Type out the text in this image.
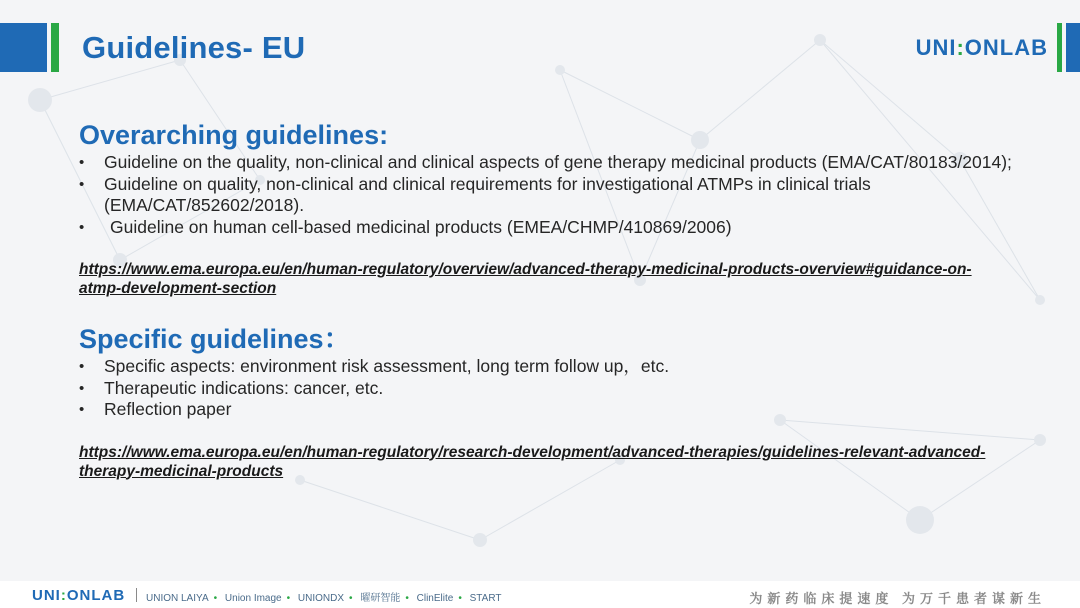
Guidelines- EU	UNI:ONLAB
Overarching guidelines:
• Guideline on the quality, non-clinical and clinical aspects of gene therapy medicinal products (EMA/CAT/80183/2014);
• Guideline on quality, non-clinical and clinical requirements for investigational ATMPs in clinical trials (EMA/CAT/852602/2018).
• Guideline on human cell-based medicinal products (EMEA/CHMP/410869/2006)
https://www.ema.europa.eu/en/human-regulatory/overview/advanced-therapy-medicinal-products-overview#guidance-on-atmp-development-section
Specific guidelines：
• Specific aspects: environment risk assessment, long term follow up，etc.
• Therapeutic indications: cancer, etc.
• Reflection paper
https://www.ema.europa.eu/en/human-regulatory/research-development/advanced-therapies/guidelines-relevant-advanced-therapy-medicinal-products
UNI:ONLAB UNION LAIYA • Union Image • UNIONDX • 曜研智能 • ClinElite • START	为新药临床提速度 为万千患者谋新生
